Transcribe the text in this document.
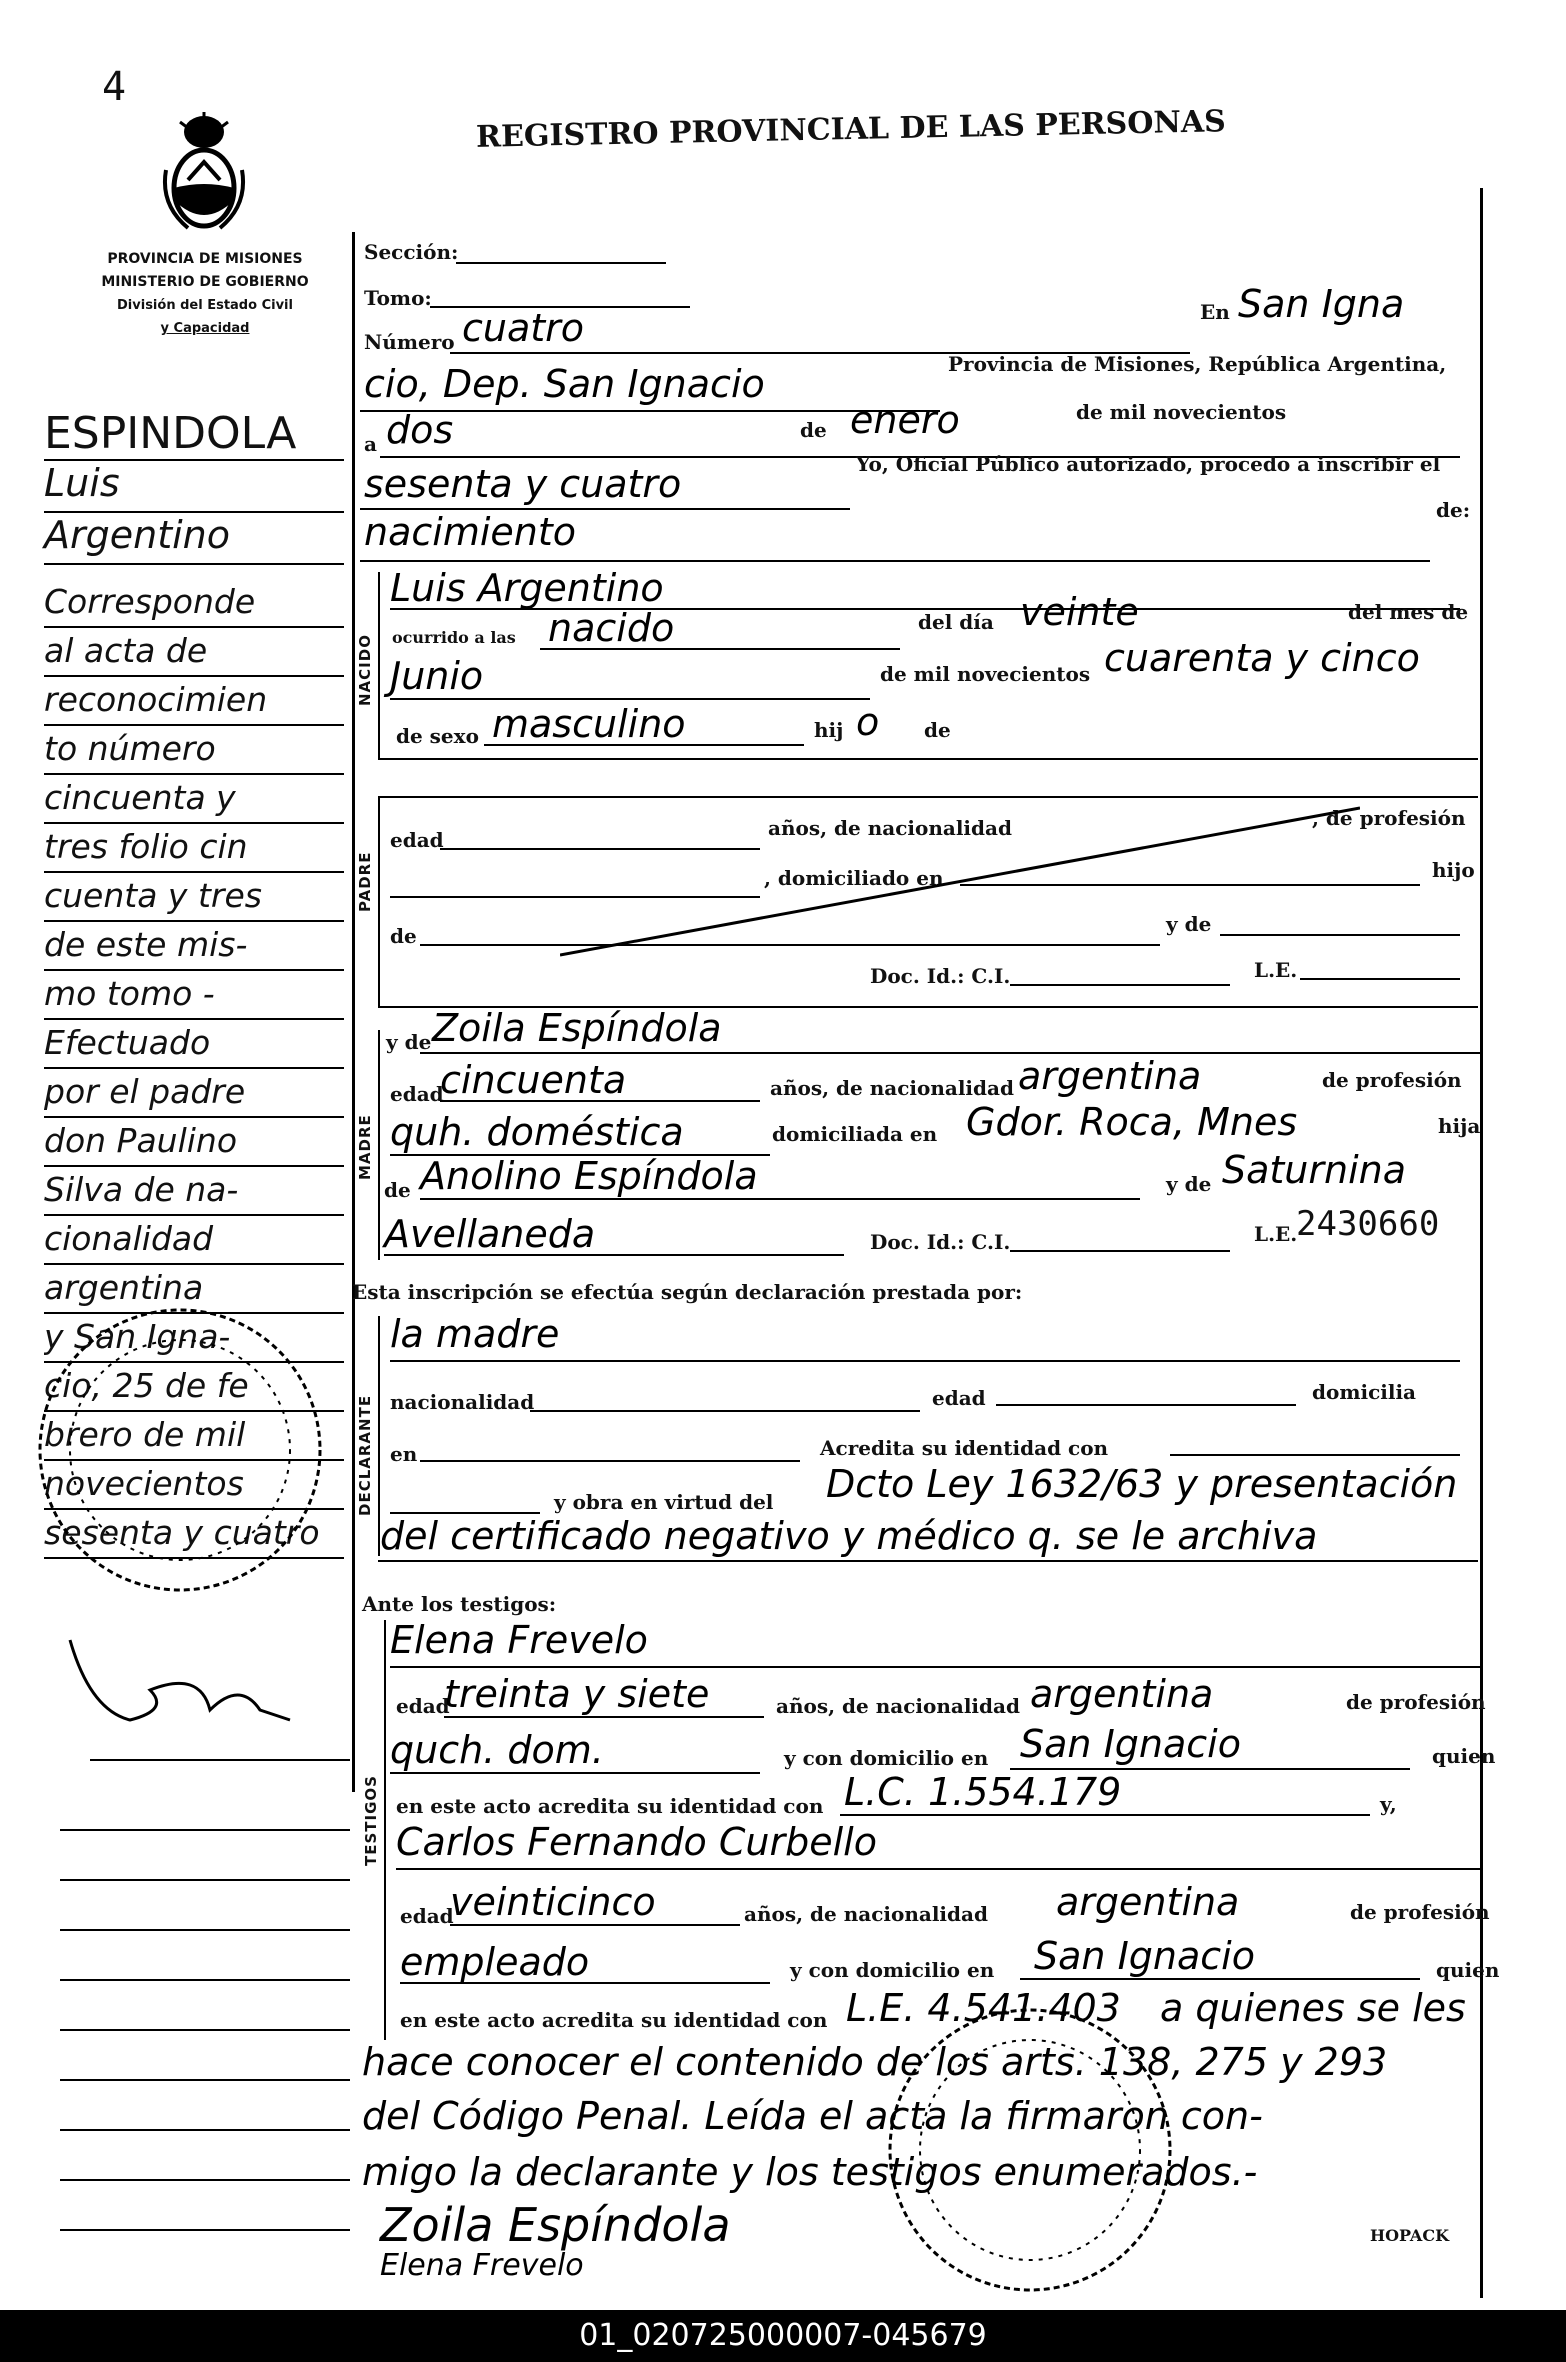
4
PROVINCIA DE MISIONES
MINISTERIO DE GOBIERNO
División del Estado Civil
y Capacidad
REGISTRO PROVINCIAL DE LAS PERSONAS
ESPINDOLA
Luis
Argentino
Corresponde
al acta de
reconocimien
to número
cincuenta y
tres folio cin
cuenta y tres
de este mis-
mo tomo -
Efectuado
por el padre
don Paulino
Silva de na-
cionalidad
argentina
y San Igna-
cio, 25 de fe
brero de mil
novecientos
sesenta y cuatro
Sección:
Tomo:
Número cuatro	En San Igna
cio, Dep. San Ignacio	Provincia de Misiones, República Argentina,
a dos	de enero	de mil novecientos
sesenta y cuatro	Yo, Oficial Público autorizado, procedo a inscribir el
nacimiento	de:
NACIDO
Luis Argentino
ocurrido a las nacido	del día veinte	del mes de
Junio	de mil novecientos cuarenta y cinco
de sexo masculino	hij o de
PADRE
edad	años, de nacionalidad	, de profesión
, domiciliado en	hijo
de	y de
Doc. Id.: C.I.	L.E.
MADRE
y de Zoila Espíndola
edad
cincuenta	años, de nacionalidad argentina	de profesión
quh. doméstica	domiciliada en Gdor. Roca, Mnes	hija
de Anolino Espíndola	y de Saturnina
Avellaneda	Doc. Id.: C.I.	L.E.
2430660
Esta inscripción se efectúa según declaración prestada por:
DECLARANTE
la madre
nacionalidad	edad	domicilia
en	Acredita su identidad con
y obra en virtud del Dcto Ley 1632/63 y presentación
del certificado negativo y médico q. se le archiva
Ante los testigos:
TESTIGOS
Elena Frevelo
edad
treinta y siete	años, de nacionalidad argentina	de profesión
quch. dom.	y con domicilio en San Ignacio	quien
en este acto acredita su identidad con L.C. 1.554.179	y,
Carlos Fernando Curbello
edad
veinticinco	años, de nacionalidad argentina	de profesión
empleado	y con domicilio en San Ignacio	quien
en este acto acredita su identidad con L.E. 4.541.403 a quienes se les
hace conocer el contenido de los arts. 138, 275 y 293
del Código Penal. Leída el acta la firmaron con-
migo la declarante y los testigos enumerados.-
Zoila Espíndola
Elena Frevelo
HOPACK
01_020725000007-045679
